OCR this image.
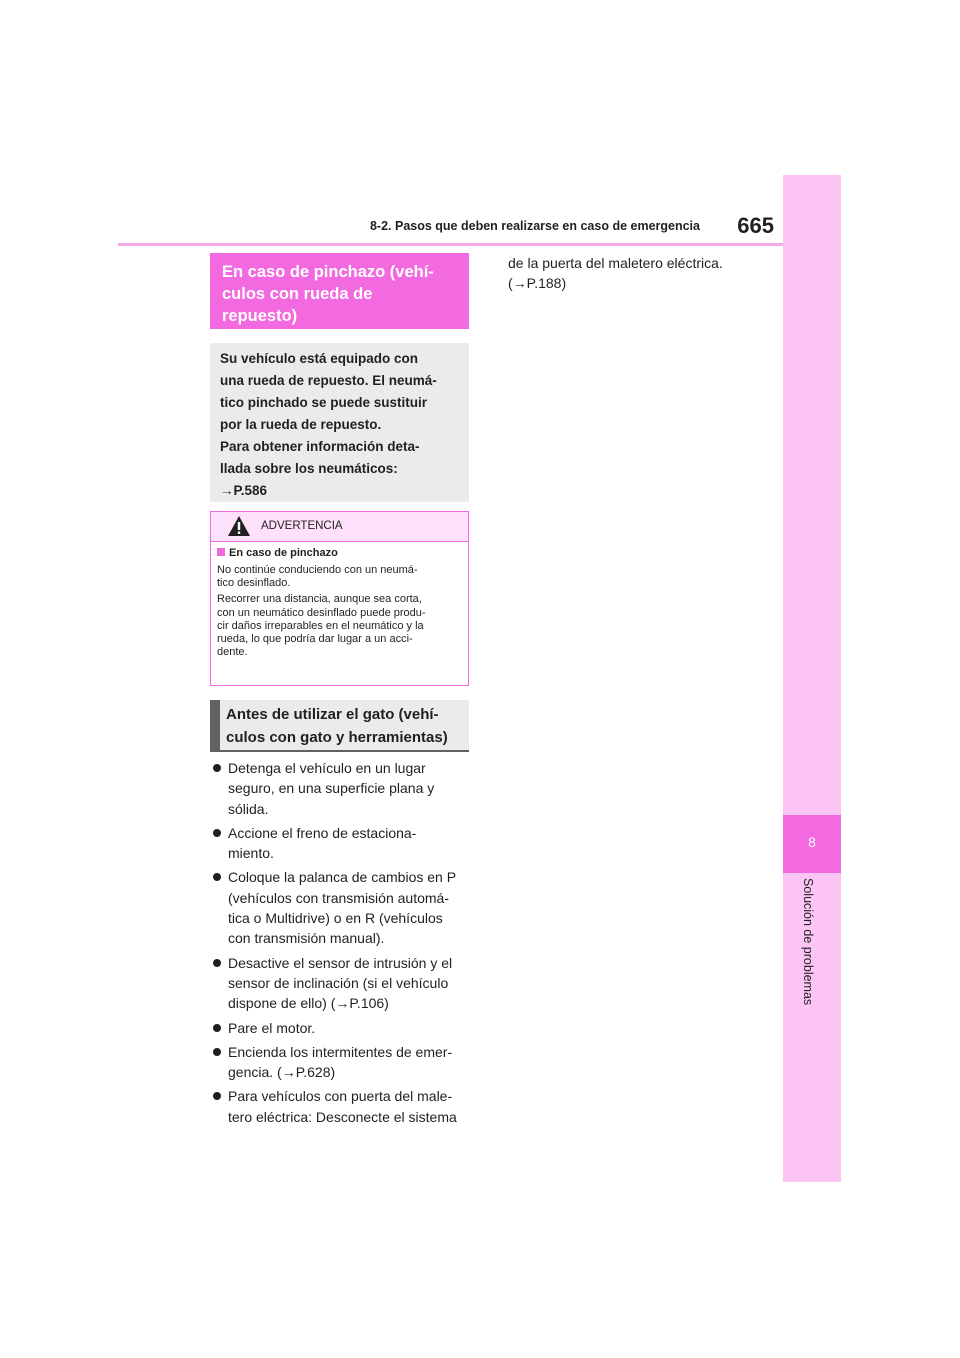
8-2. Pasos que deben realizarse en caso de emergencia	665
8
Solución de problemas
En caso de pinchazo (vehí-
culos con rueda de
repuesto)
Su vehículo está equipado con
una rueda de repuesto. El neumá-
tico pinchado se puede sustituir
por la rueda de repuesto.
Para obtener información deta-
llada sobre los neumáticos:
→P.586
ADVERTENCIA
En caso de pinchazo
No continúe conduciendo con un neumá-
tico desinflado.
Recorrer una distancia, aunque sea corta,
con un neumático desinflado puede produ-
cir daños irreparables en el neumático y la
rueda, lo que podría dar lugar a un acci-
dente.
Antes de utilizar el gato (vehí-
culos con gato y herramientas)
Detenga el vehículo en un lugar
seguro, en una superficie plana y
sólida.
Accione el freno de estaciona-
miento.
Coloque la palanca de cambios en P
(vehículos con transmisión automá-
tica o Multidrive) o en R (vehículos
con transmisión manual).
Desactive el sensor de intrusión y el
sensor de inclinación (si el vehículo
dispone de ello) (→P.106)
Pare el motor.
Encienda los intermitentes de emer-
gencia. (→P.628)
Para vehículos con puerta del male-
tero eléctrica: Desconecte el sistema
de la puerta del maletero eléctrica.
(→P.188)
